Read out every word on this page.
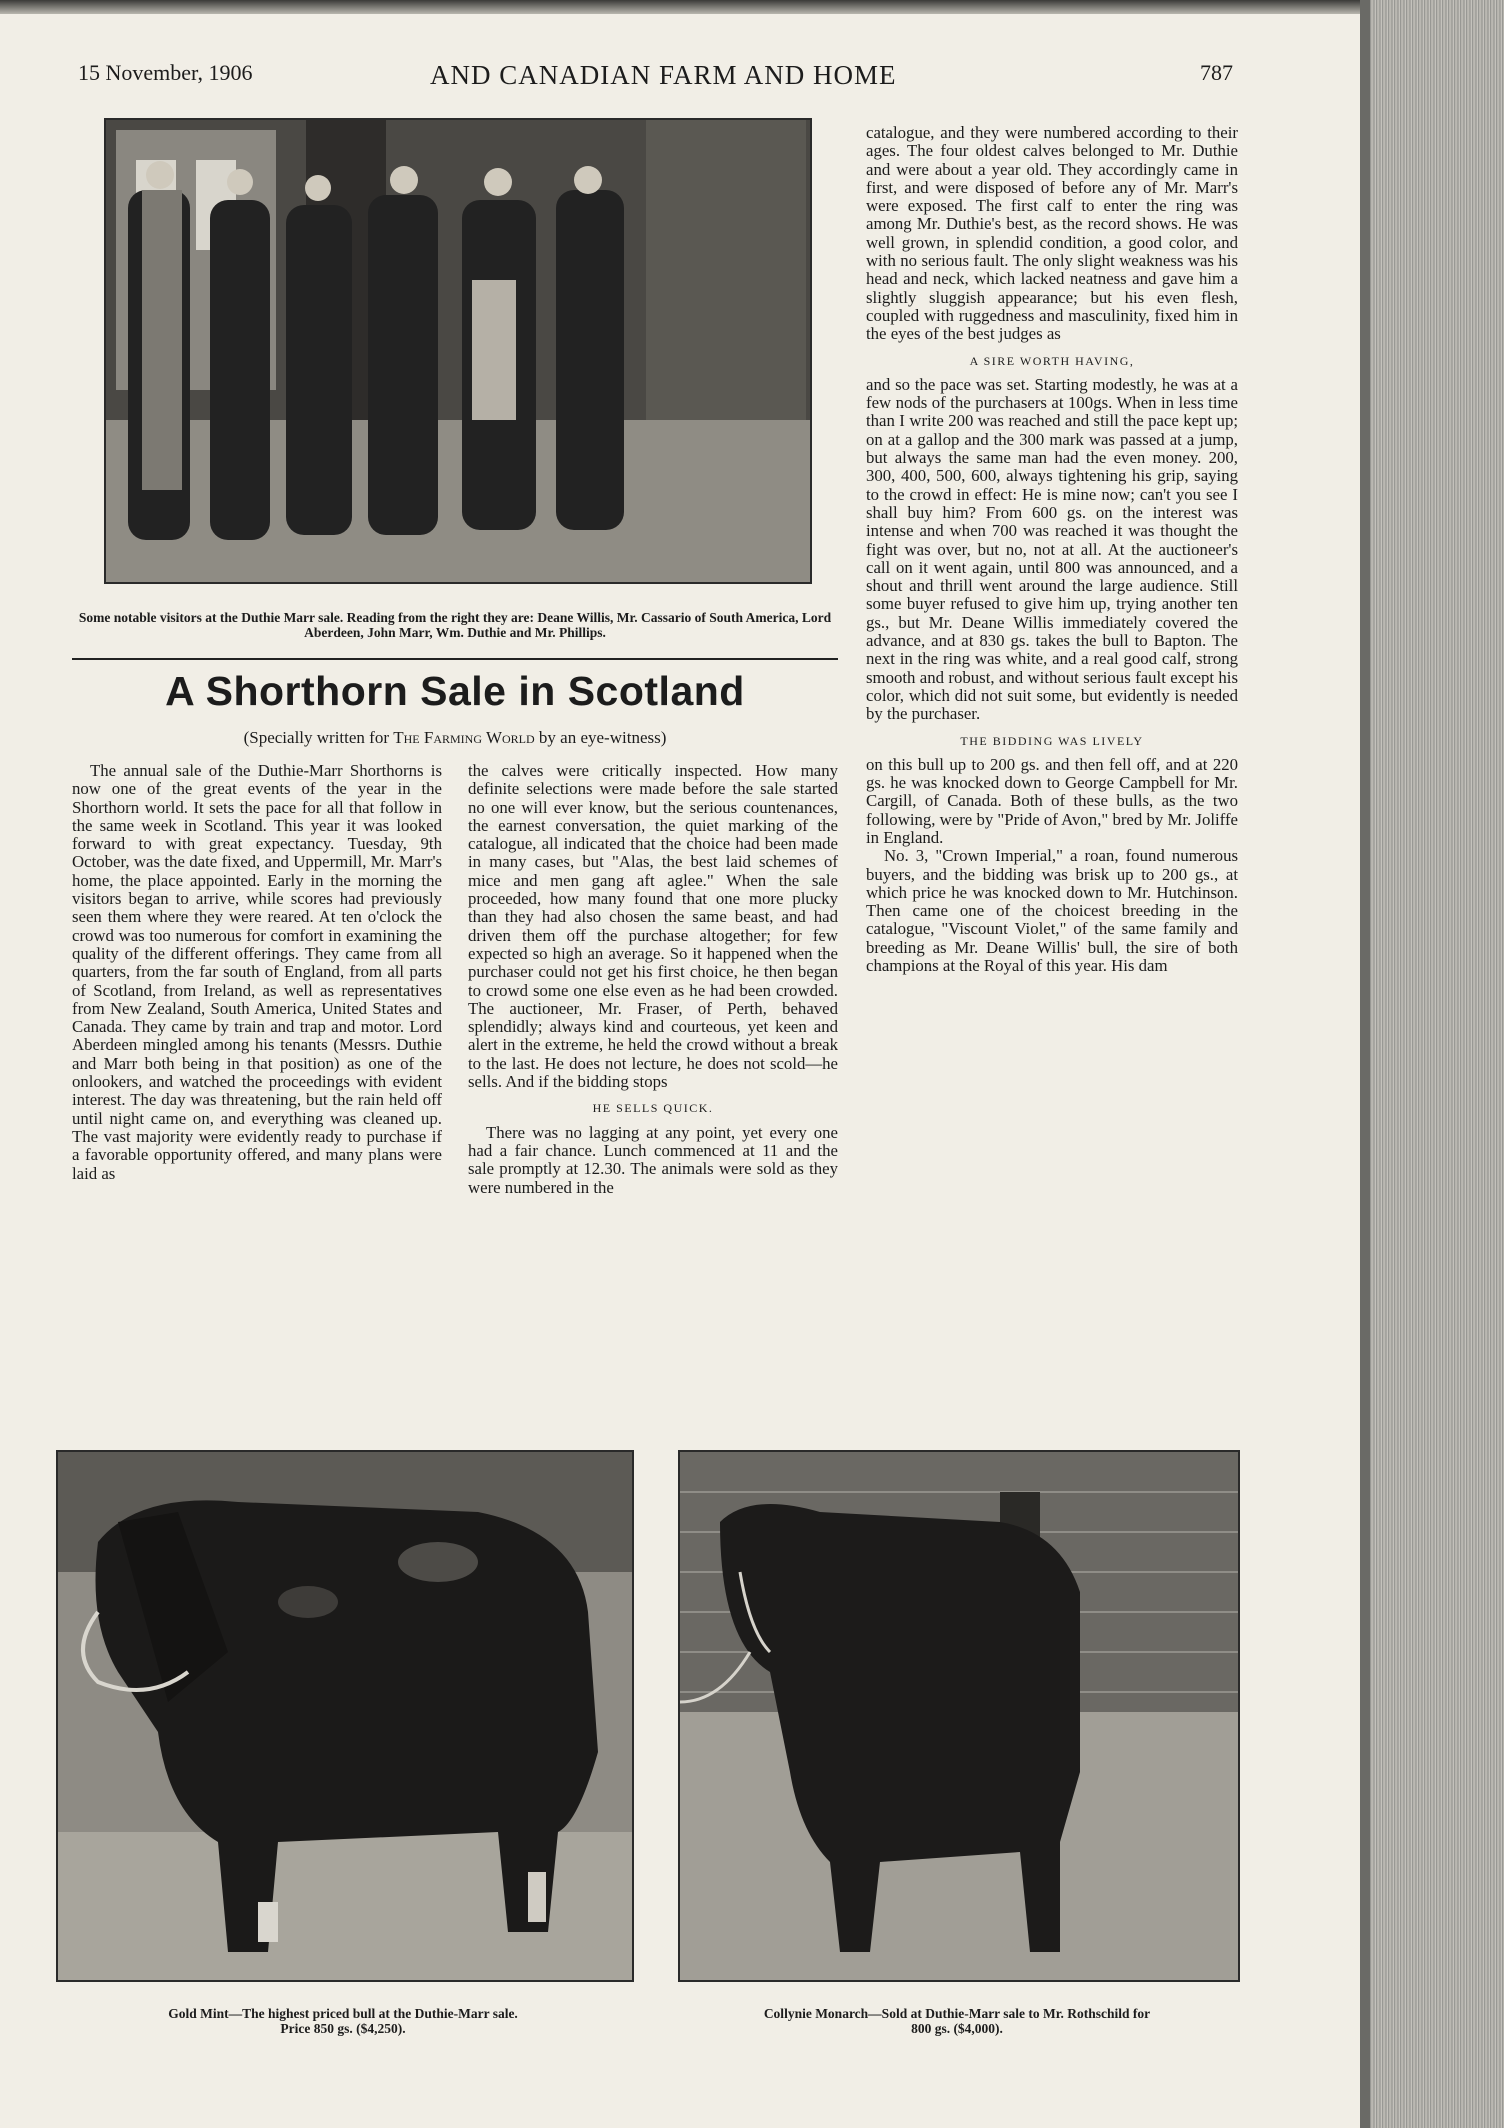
15 November, 1906	AND CANADIAN FARM AND HOME	787
Some notable visitors at the Duthie Marr sale. Reading from the right they are: Deane Willis, Mr. Cassario of South America, Lord Aberdeen, John Marr, Wm. Duthie and Mr. Phillips.
A Shorthorn Sale in Scotland
(Specially written for The Farming World by an eye-witness)

The annual sale of the Duthie-Marr Shorthorns is now one of the great events of the year in the Shorthorn world. It sets the pace for all that follow in the same week in Scotland. This year it was looked forward to with great expectancy. Tuesday, 9th October, was the date fixed, and Uppermill, Mr. Marr's home, the place appointed. Early in the morning the visitors began to arrive, while scores had previously seen them where they were reared. At ten o'clock the crowd was too numerous for comfort in examining the quality of the different offerings. They came from all quarters, from the far south of England, from all parts of Scotland, from Ireland, as well as representatives from New Zealand, South America, United States and Canada. They came by train and trap and motor. Lord Aberdeen mingled among his tenants (Messrs. Duthie and Marr both being in that position) as one of the onlookers, and watched the proceedings with evident interest. The day was threatening, but the rain held off until night came on, and everything was cleaned up. The vast majority were evidently ready to purchase if a favorable opportunity offered, and many plans were laid as

the calves were critically inspected. How many definite selections were made before the sale started no one will ever know, but the serious countenances, the earnest conversation, the quiet marking of the catalogue, all indicated that the choice had been made in many cases, but "Alas, the best laid schemes of mice and men gang aft aglee." When the sale proceeded, how many found that one more plucky than they had also chosen the same beast, and had driven them off the purchase altogether; for few expected so high an average. So it happened when the purchaser could not get his first choice, he then began to crowd some one else even as he had been crowded. The auctioneer, Mr. Fraser, of Perth, behaved splendidly; always kind and courteous, yet keen and alert in the extreme, he held the crowd without a break to the last. He does not lecture, he does not scold—he sells. And if the bidding stops

HE SELLS QUICK.

There was no lagging at any point, yet every one had a fair chance. Lunch commenced at 11 and the sale promptly at 12.30. The animals were sold as they were numbered in the

catalogue, and they were numbered according to their ages. The four oldest calves belonged to Mr. Duthie and were about a year old. They accordingly came in first, and were disposed of before any of Mr. Marr's were exposed. The first calf to enter the ring was among Mr. Duthie's best, as the record shows. He was well grown, in splendid condition, a good color, and with no serious fault. The only slight weakness was his head and neck, which lacked neatness and gave him a slightly sluggish appearance; but his even flesh, coupled with ruggedness and masculinity, fixed him in the eyes of the best judges as

A SIRE WORTH HAVING,

and so the pace was set. Starting modestly, he was at a few nods of the purchasers at 100gs. When in less time than I write 200 was reached and still the pace kept up; on at a gallop and the 300 mark was passed at a jump, but always the same man had the even money. 200, 300, 400, 500, 600, always tightening his grip, saying to the crowd in effect: He is mine now; can't you see I shall buy him? From 600 gs. on the interest was intense and when 700 was reached it was thought the fight was over, but no, not at all. At the auctioneer's call on it went again, until 800 was announced, and a shout and thrill went around the large audience. Still some buyer refused to give him up, trying another ten gs., but Mr. Deane Willis immediately covered the advance, and at 830 gs. takes the bull to Bapton. The next in the ring was white, and a real good calf, strong smooth and robust, and without serious fault except his color, which did not suit some, but evidently is needed by the purchaser.

THE BIDDING WAS LIVELY

on this bull up to 200 gs. and then fell off, and at 220 gs. he was knocked down to George Campbell for Mr. Cargill, of Canada. Both of these bulls, as the two following, were by "Pride of Avon," bred by Mr. Joliffe in England.

No. 3, "Crown Imperial," a roan, found numerous buyers, and the bidding was brisk up to 200 gs., at which price he was knocked down to Mr. Hutchinson. Then came one of the choicest breeding in the catalogue, "Viscount Violet," of the same family and breeding as Mr. Deane Willis' bull, the sire of both champions at the Royal of this year. His dam

Gold Mint—The highest priced bull at the Duthie-Marr sale.
Price 850 gs. ($4,250).
Collynie Monarch—Sold at Duthie-Marr sale to Mr. Rothschild for
800 gs. ($4,000).
